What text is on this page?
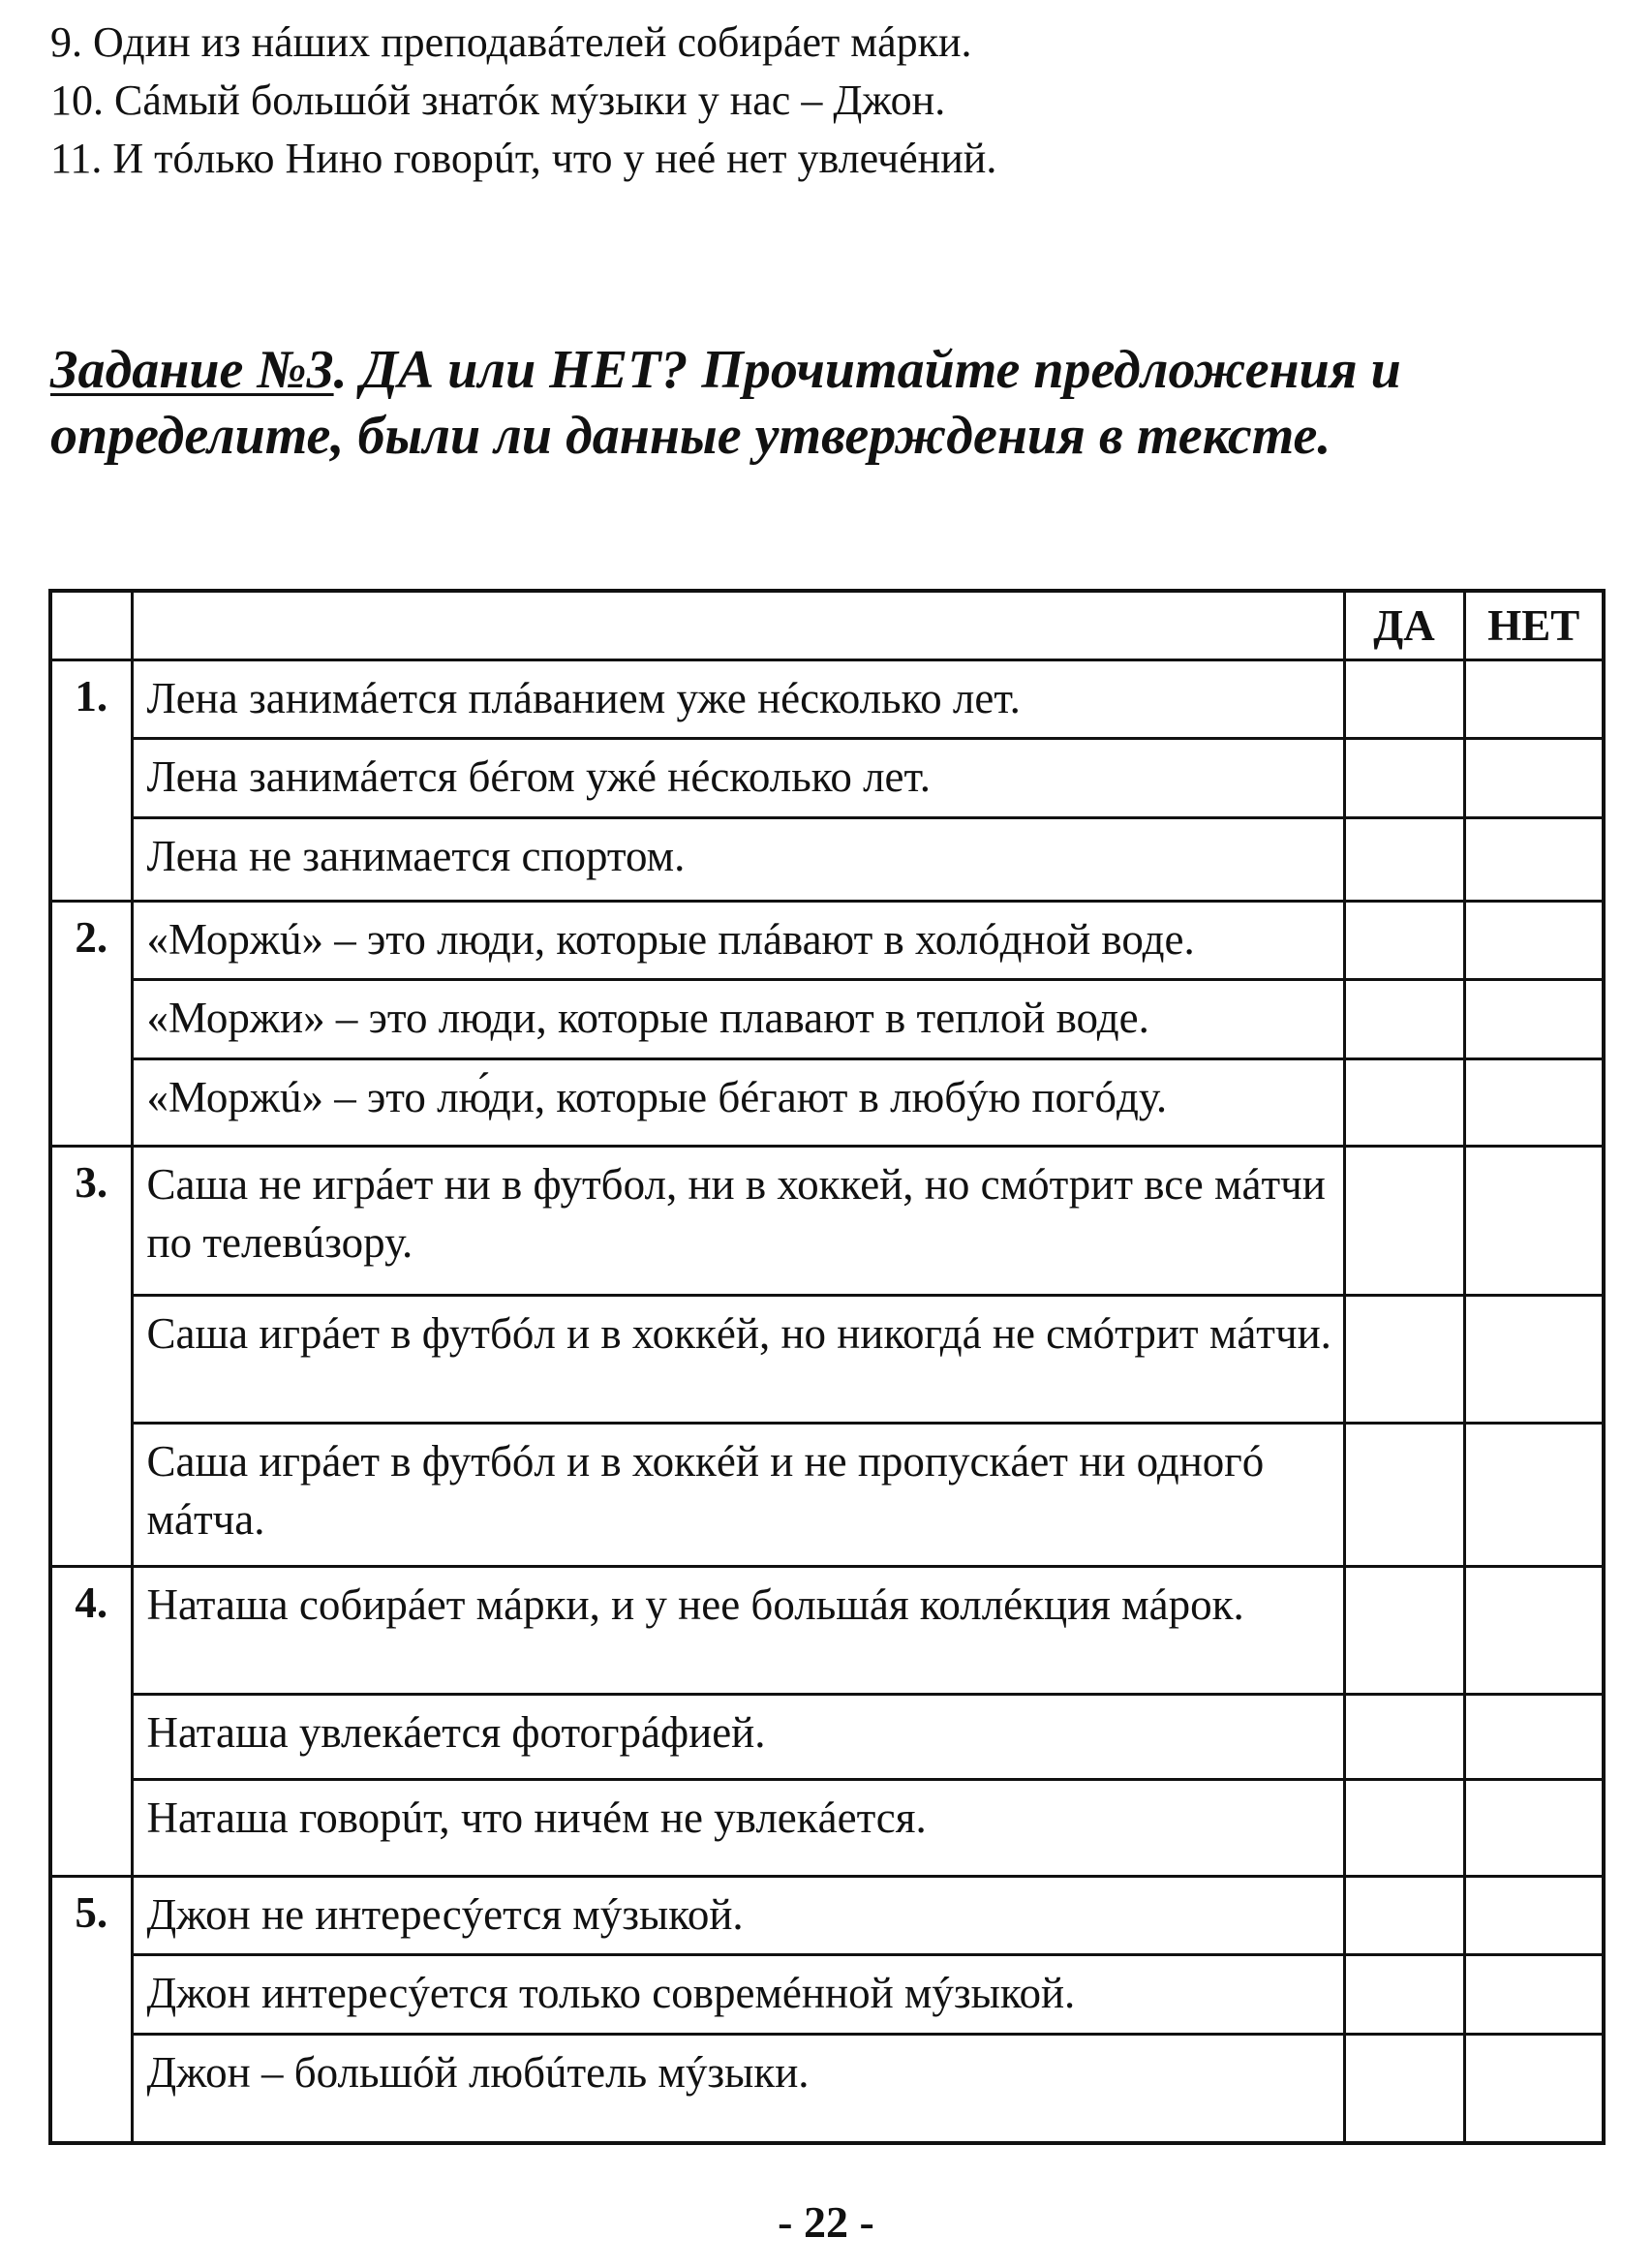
9. Один из нáших преподавáтелей собирáет мáрки.
10. Сáмый большóй знатóк мýзыки у нас – Джон.
11. И тóлько Нино говорúт, что у неé нет увлечéний.
Задание №3. ДА или НЕТ? Прочитайте предложения и определите, были ли данные утверждения в тексте.
		ДА	НЕТ
1.	Лена занимáется плáванием уже нéсколько лет.		
	Лена занимáется бéгом ужé нéсколько лет.		
	Лена не занимается спортом.		
2.	«Моржú» – это люди, которые плáвают в холóдной воде.		
	«Моржи» – это люди, которые плавают в теплой воде.		
	«Моржú» – это лю́ди, которые бéгают в любýю погóду.		
3.	Саша не игрáет ни в футбол, ни в хоккей, но смóтрит все мáтчи по телевúзору.		
	Саша игрáет в футбóл и в хоккéй, но никогдá не смóтрит мáтчи.		
	Саша игрáет в футбóл и в хоккéй и не пропускáет ни одногó мáтча.		
4.	Наташа собирáет мáрки, и у нее большáя коллéкция мáрок.		
	Наташа увлекáется фотогрáфией.		
	Наташа говорúт, что ничéм не увлекáется.		
5.	Джон не интересýется мýзыкой.		
	Джон интересýется только совремéнной мýзыкой.		
	Джон – большóй любúтель мýзыки.		
- 22 -
